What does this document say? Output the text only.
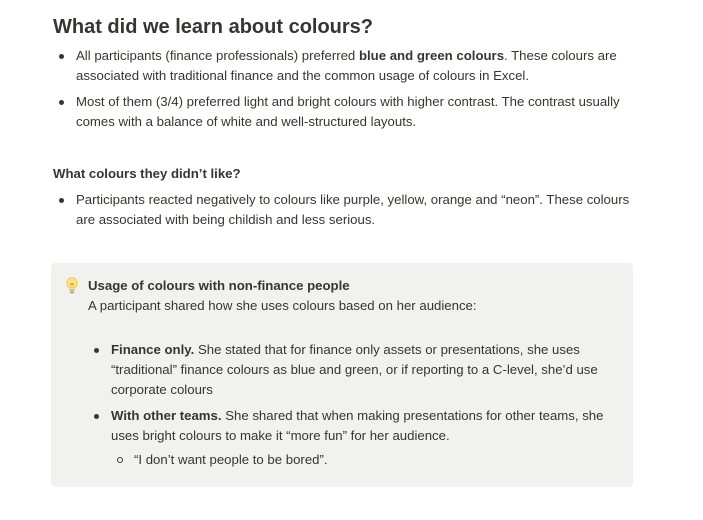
What did we learn about colours?
All participants (finance professionals) preferred blue and green colours. These colours are associated with traditional finance and the common usage of colours in Excel.
Most of them (3/4) preferred light and bright colours with higher contrast. The contrast usually comes with a balance of white and well-structured layouts.
What colours they didn’t like?
Participants reacted negatively to colours like purple, yellow, orange and “neon”. These colours are associated with being childish and less serious.
Usage of colours with non-finance people
A participant shared how she uses colours based on her audience:
Finance only. She stated that for finance only assets or presentations, she uses “traditional” finance colours as blue and green, or if reporting to a C-level, she’d use corporate colours
With other teams. She shared that when making presentations for other teams, she uses bright colours to make it “more fun” for her audience.
“I don’t want people to be bored”.
